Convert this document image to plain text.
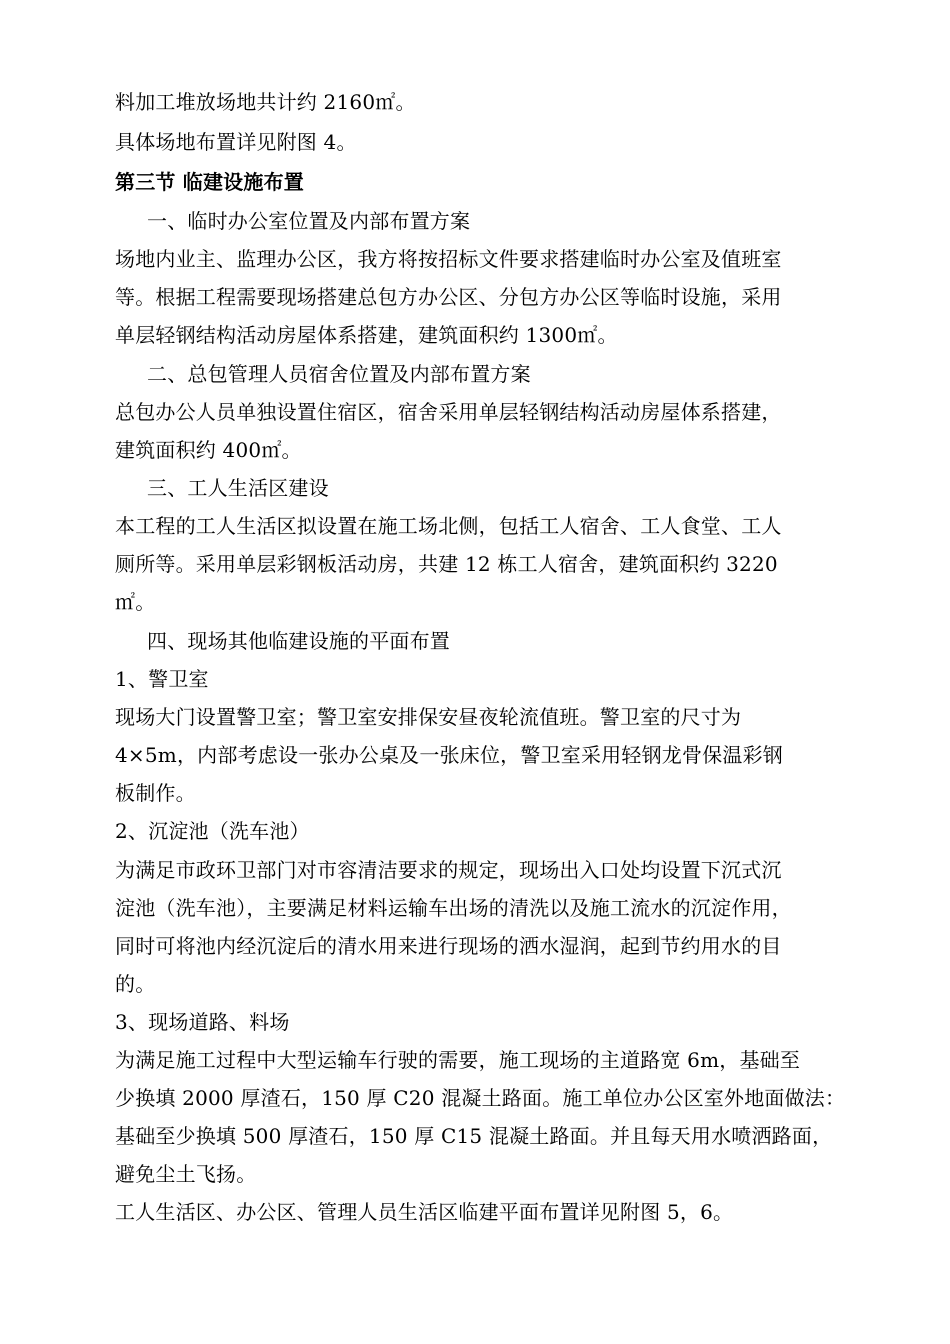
料加工堆放场地共计约 2160㎡。
具体场地布置详见附图 4。
第三节 临建设施布置
一、临时办公室位置及内部布置方案
场地内业主、监理办公区，我方将按招标文件要求搭建临时办公室及值班室
等。根据工程需要现场搭建总包方办公区、分包方办公区等临时设施，采用
单层轻钢结构活动房屋体系搭建，建筑面积约 1300㎡。
二、总包管理人员宿舍位置及内部布置方案
总包办公人员单独设置住宿区，宿舍采用单层轻钢结构活动房屋体系搭建，
建筑面积约 400㎡。
三、工人生活区建设
本工程的工人生活区拟设置在施工场北侧，包括工人宿舍、工人食堂、工人
厕所等。采用单层彩钢板活动房，共建 12 栋工人宿舍，建筑面积约 3220
㎡。
四、现场其他临建设施的平面布置
1、警卫室
现场大门设置警卫室；警卫室安排保安昼夜轮流值班。警卫室的尺寸为
4×5m，内部考虑设一张办公桌及一张床位，警卫室采用轻钢龙骨保温彩钢
板制作。
2、沉淀池（洗车池）
为满足市政环卫部门对市容清洁要求的规定，现场出入口处均设置下沉式沉
淀池（洗车池），主要满足材料运输车出场的清洗以及施工流水的沉淀作用，
同时可将池内经沉淀后的清水用来进行现场的洒水湿润，起到节约用水的目
的。
3、现场道路、料场
为满足施工过程中大型运输车行驶的需要，施工现场的主道路宽 6m，基础至
少换填 2000 厚渣石，150 厚 C20 混凝土路面。施工单位办公区室外地面做法：
基础至少换填 500 厚渣石，150 厚 C15 混凝土路面。并且每天用水喷洒路面，
避免尘土飞扬。
工人生活区、办公区、管理人员生活区临建平面布置详见附图 5，6。
